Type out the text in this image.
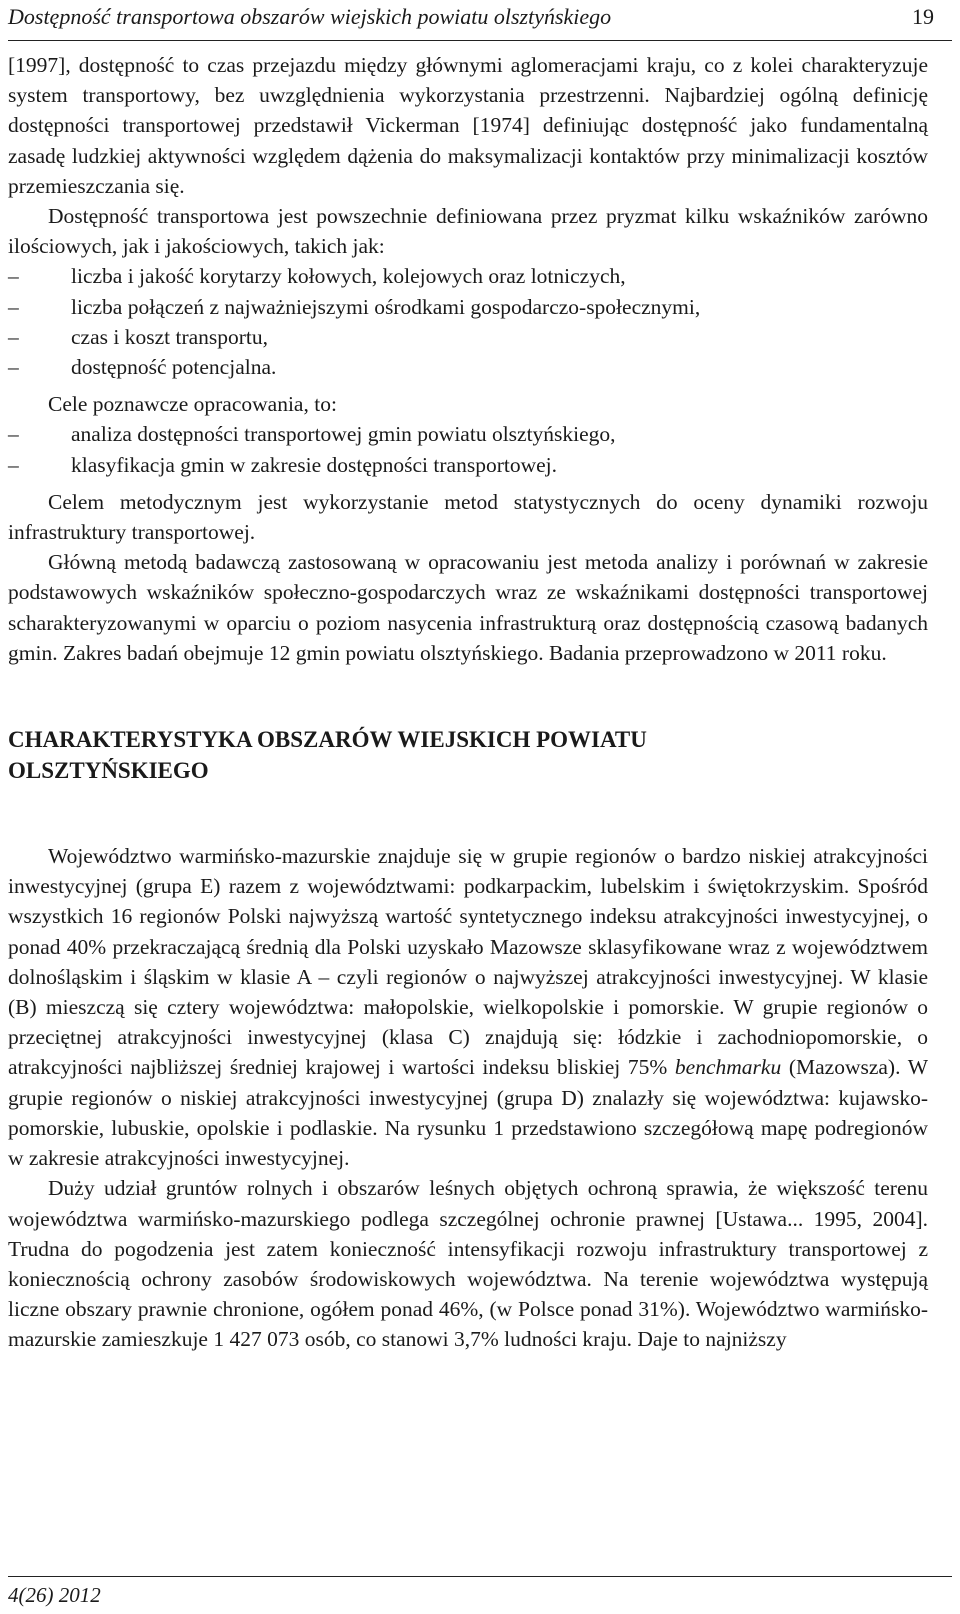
Dostępność transportowa obszarów wiejskich powiatu olsztyńskiego	19

[1997], dostępność to czas przejazdu między głównymi aglomeracjami kraju, co z kolei charakteryzuje system transportowy, bez uwzględnienia wykorzystania przestrzenni. Najbardziej ogólną definicję dostępności transportowej przedstawił Vickerman [1974] definiując dostępność jako fundamentalną zasadę ludzkiej aktywności względem dążenia do maksymalizacji kontaktów przy minimalizacji kosztów przemieszczania się.

Dostępność transportowa jest powszechnie definiowana przez pryzmat kilku wskaźników zarówno ilościowych, jak i jakościowych, takich jak:

– liczba i jakość korytarzy kołowych, kolejowych oraz lotniczych,
– liczba połączeń z najważniejszymi ośrodkami gospodarczo-społecznymi,
– czas i koszt transportu,
– dostępność potencjalna.

Cele poznawcze opracowania, to:

– analiza dostępności transportowej gmin powiatu olsztyńskiego,
– klasyfikacja gmin w zakresie dostępności transportowej.

Celem metodycznym jest wykorzystanie metod statystycznych do oceny dynamiki rozwoju infrastruktury transportowej.

Główną metodą badawczą zastosowaną w opracowaniu jest metoda analizy i porównań w zakresie podstawowych wskaźników społeczno-gospodarczych wraz ze wskaźnikami dostępności transportowej scharakteryzowanymi w oparciu o poziom nasycenia infrastrukturą oraz dostępnością czasową badanych gmin. Zakres badań obejmuje 12 gmin powiatu olsztyńskiego. Badania przeprowadzono w 2011 roku.

CHARAKTERYSTYKA OBSZARÓW WIEJSKICH POWIATU OLSZTYŃSKIEGO

Województwo warmińsko-mazurskie znajduje się w grupie regionów o bardzo niskiej atrakcyjności inwestycyjnej (grupa E) razem z województwami: podkarpackim, lubelskim i świętokrzyskim. Spośród wszystkich 16 regionów Polski najwyższą wartość syntetycznego indeksu atrakcyjności inwestycyjnej, o ponad 40% przekraczającą średnią dla Polski uzyskało Mazowsze sklasyfikowane wraz z województwem dolnośląskim i śląskim w klasie A – czyli regionów o najwyższej atrakcyjności inwestycyjnej. W klasie (B) mieszczą się cztery województwa: małopolskie, wielkopolskie i pomorskie. W grupie regionów o przeciętnej atrakcyjności inwestycyjnej (klasa C) znajdują się: łódzkie i zachodniopomorskie, o atrakcyjności najbliższej średniej krajowej i wartości indeksu bliskiej 75% benchmarku (Mazowsza). W grupie regionów o niskiej atrakcyjności inwestycyjnej (grupa D) znalazły się województwa: kujawsko-pomorskie, lubuskie, opolskie i podlaskie. Na rysunku 1 przedstawiono szczegółową mapę podregionów w zakresie atrakcyjności inwestycyjnej.

Duży udział gruntów rolnych i obszarów leśnych objętych ochroną sprawia, że większość terenu województwa warmińsko-mazurskiego podlega szczególnej ochronie prawnej [Ustawa... 1995, 2004]. Trudna do pogodzenia jest zatem konieczność intensyfikacji rozwoju infrastruktury transportowej z koniecznością ochrony zasobów środowiskowych województwa. Na terenie województwa występują liczne obszary prawnie chronione, ogółem ponad 46%, (w Polsce ponad 31%). Województwo warmińsko-mazurskie zamieszkuje 1 427 073 osób, co stanowi 3,7% ludności kraju. Daje to najniższy

4(26) 2012
